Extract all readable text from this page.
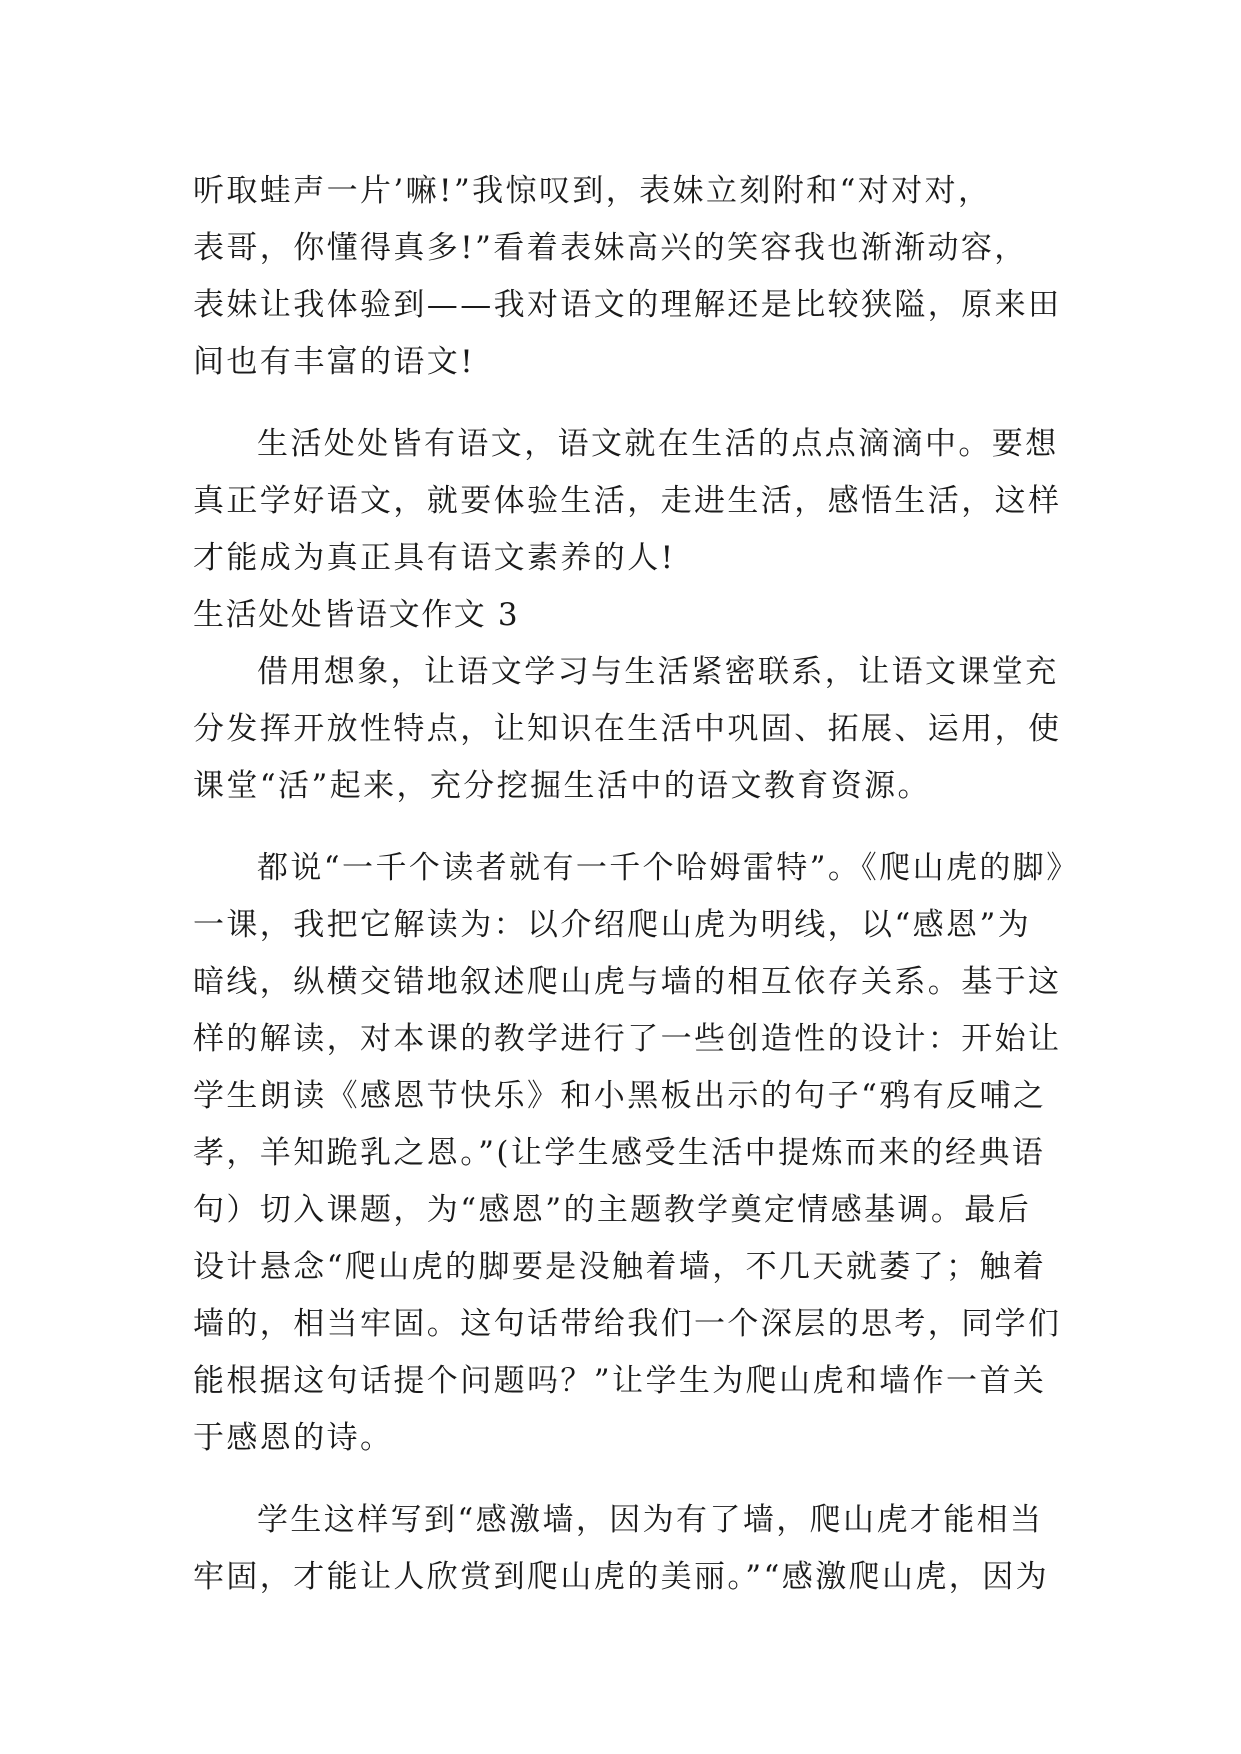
听取蛙声一片’嘛!”我惊叹到，表妹立刻附和“对对对，
表哥，你懂得真多!”看着表妹高兴的笑容我也渐渐动容，
表妹让我体验到——我对语文的理解还是比较狭隘，原来田
间也有丰富的语文!
生活处处皆有语文，语文就在生活的点点滴滴中。要想
真正学好语文，就要体验生活，走进生活，感悟生活，这样
才能成为真正具有语文素养的人!
生活处处皆语文作文 3
借用想象，让语文学习与生活紧密联系，让语文课堂充
分发挥开放性特点，让知识在生活中巩固、拓展、运用，使
课堂“活”起来，充分挖掘生活中的语文教育资源。
都说“一千个读者就有一千个哈姆雷特”。《爬山虎的脚》
一课，我把它解读为：以介绍爬山虎为明线，以“感恩”为
暗线，纵横交错地叙述爬山虎与墙的相互依存关系。基于这
样的解读，对本课的教学进行了一些创造性的设计：开始让
学生朗读《感恩节快乐》和小黑板出示的句子“鸦有反哺之
孝，羊知跪乳之恩。”(让学生感受生活中提炼而来的经典语
句）切入课题，为“感恩”的主题教学奠定情感基调。最后
设计悬念“爬山虎的脚要是没触着墙，不几天就萎了；触着
墙的，相当牢固。这句话带给我们一个深层的思考，同学们
能根据这句话提个问题吗？”让学生为爬山虎和墙作一首关
于感恩的诗。
学生这样写到“感激墙，因为有了墙，爬山虎才能相当
牢固，才能让人欣赏到爬山虎的美丽。”“感激爬山虎，因为
